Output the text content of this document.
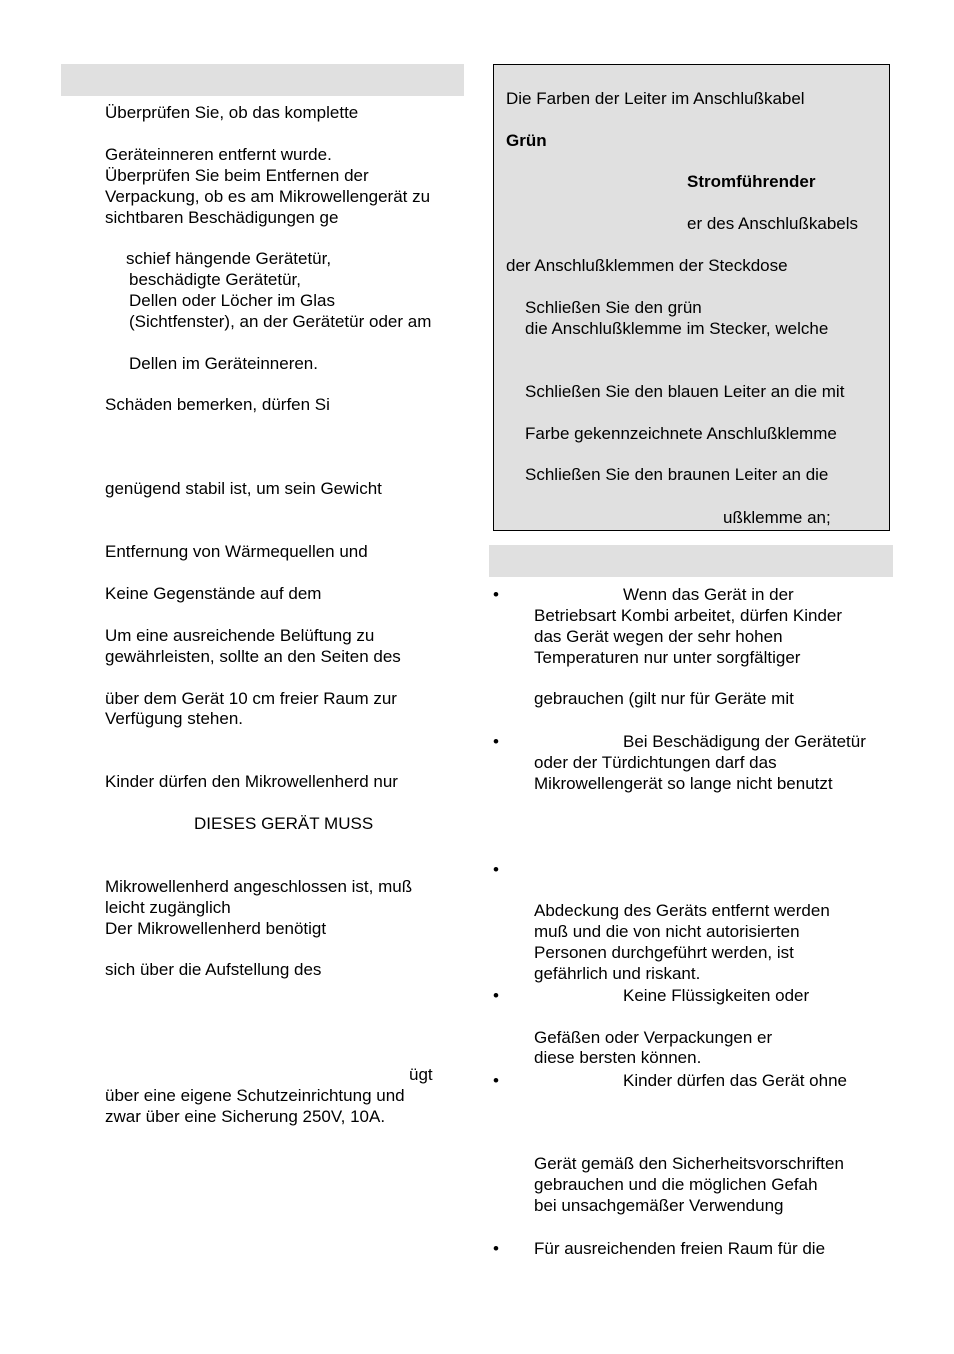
Überprüfen Sie, ob das komplette
Geräteinneren entfernt wurde.
Überprüfen Sie beim Entfernen der
Verpackung, ob es am Mikrowellengerät zu
sichtbaren Beschädigungen ge
schief hängende Gerätetür,
beschädigte Gerätetür,
Dellen oder Löcher im Glas
(Sichtfenster), an der Gerätetür oder am
Dellen im Geräteinneren.
Schäden bemerken, dürfen Si
genügend stabil ist, um sein Gewicht
Entfernung von Wärmequellen und
Keine Gegenstände auf dem
Um eine ausreichende Belüftung zu
gewährleisten, sollte an den Seiten des
über dem Gerät 10 cm freier Raum zur
Verfügung stehen.
Kinder dürfen den Mikrowellenherd nur
DIESES GERÄT MUSS
Mikrowellenherd angeschlossen ist, muß
leicht zugänglich
Der Mikrowellenherd benötigt
sich über die Aufstellung des
ügt
über eine eigene Schutzeinrichtung und
zwar über eine Sicherung 250V, 10A.
Die Farben der Leiter im Anschlußkabel
Grün
Stromführender
er des Anschlußkabels
der Anschlußklemmen der Steckdose
Schließen Sie den grün
die Anschlußklemme im Stecker, welche
Schließen Sie den blauen Leiter an die mit
Farbe gekennzeichnete Anschlußklemme
Schließen Sie den braunen Leiter an die
ußklemme an;
•
•
•
•
•
•
Wenn das Gerät in der
Betriebsart Kombi arbeitet, dürfen Kinder
das Gerät wegen der sehr hohen
Temperaturen nur unter sorgfältiger
gebrauchen (gilt nur für Geräte mit
Bei Beschädigung der Gerätetür
oder der Türdichtungen darf das
Mikrowellengerät so lange nicht benutzt
Abdeckung des Geräts entfernt werden
muß und die von nicht autorisierten
Personen durchgeführt werden, ist
gefährlich und riskant.
Keine Flüssigkeiten oder
Gefäßen oder Verpackungen er
diese bersten können.
Kinder dürfen das Gerät ohne
Gerät gemäß den Sicherheitsvorschriften
gebrauchen und die möglichen Gefah
bei unsachgemäßer Verwendung
Für ausreichenden freien Raum für die
